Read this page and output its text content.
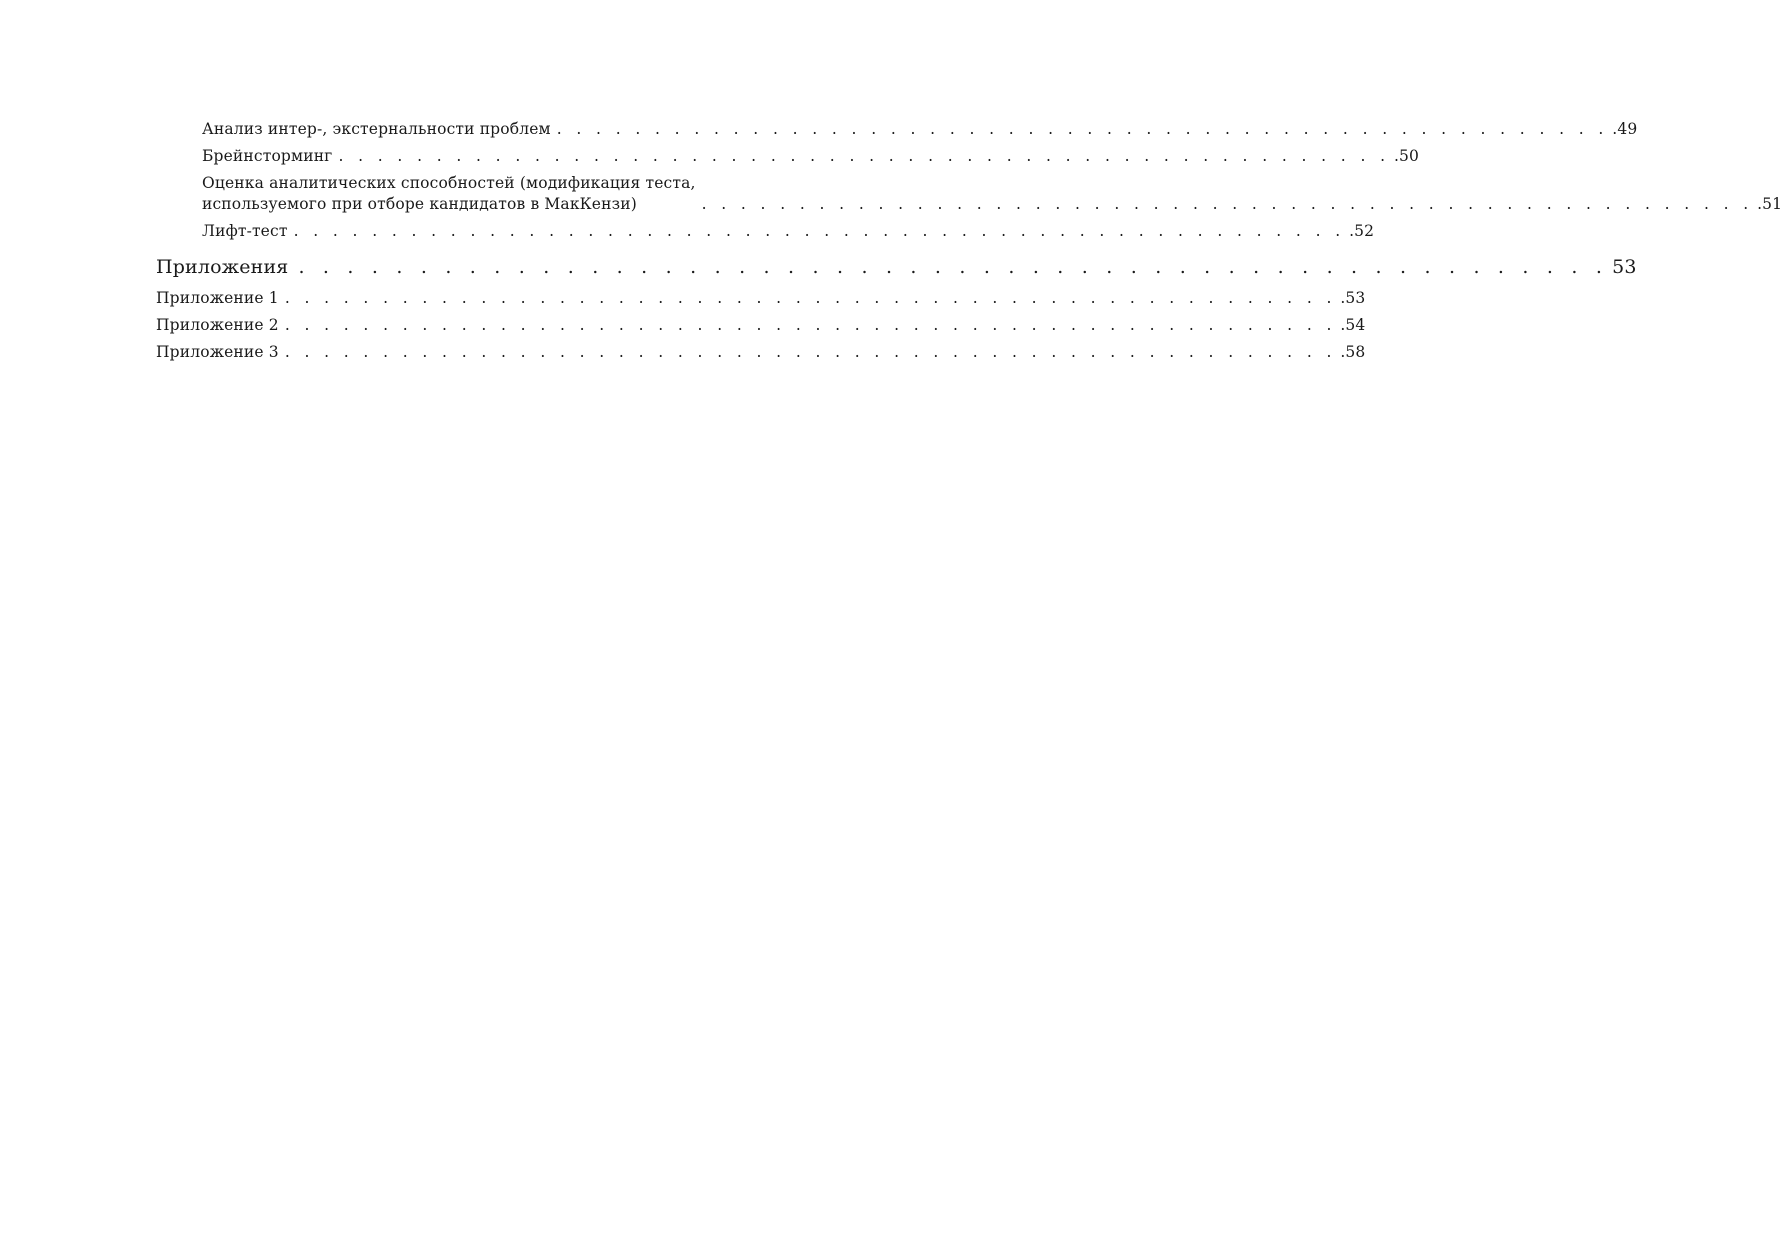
Анализ интер-, экстернальности проблем . . . . . . . . . . . . . . . . . . . . . . . . . . . . . . . . . . . . . . . . . . . . . . . . . . . . . . .49
Брейнсторминг . . . . . . . . . . . . . . . . . . . . . . . . . . . . . . . . . . . . . . . . . . . . . . . . . . . . . . .50
Оценка аналитических способностей (модификация теста,
используемого при отборе кандидатов в МакКензи)	. . . . . . . . . . . . . . . . . . . . . . . . . . . . . . . . . . . . . . . . . . . . . . . . . . . . . . .51
Лифт-тест . . . . . . . . . . . . . . . . . . . . . . . . . . . . . . . . . . . . . . . . . . . . . . . . . . . . . . .52
Приложения . . . . . . . . . . . . . . . . . . . . . . . . . . . . . . . . . . . . . . . . . . . . . . . . . . . . . . 53
Приложение 1 . . . . . . . . . . . . . . . . . . . . . . . . . . . . . . . . . . . . . . . . . . . . . . . . . . . . . . .53
Приложение 2 . . . . . . . . . . . . . . . . . . . . . . . . . . . . . . . . . . . . . . . . . . . . . . . . . . . . . . .54
Приложение 3 . . . . . . . . . . . . . . . . . . . . . . . . . . . . . . . . . . . . . . . . . . . . . . . . . . . . . . .58
